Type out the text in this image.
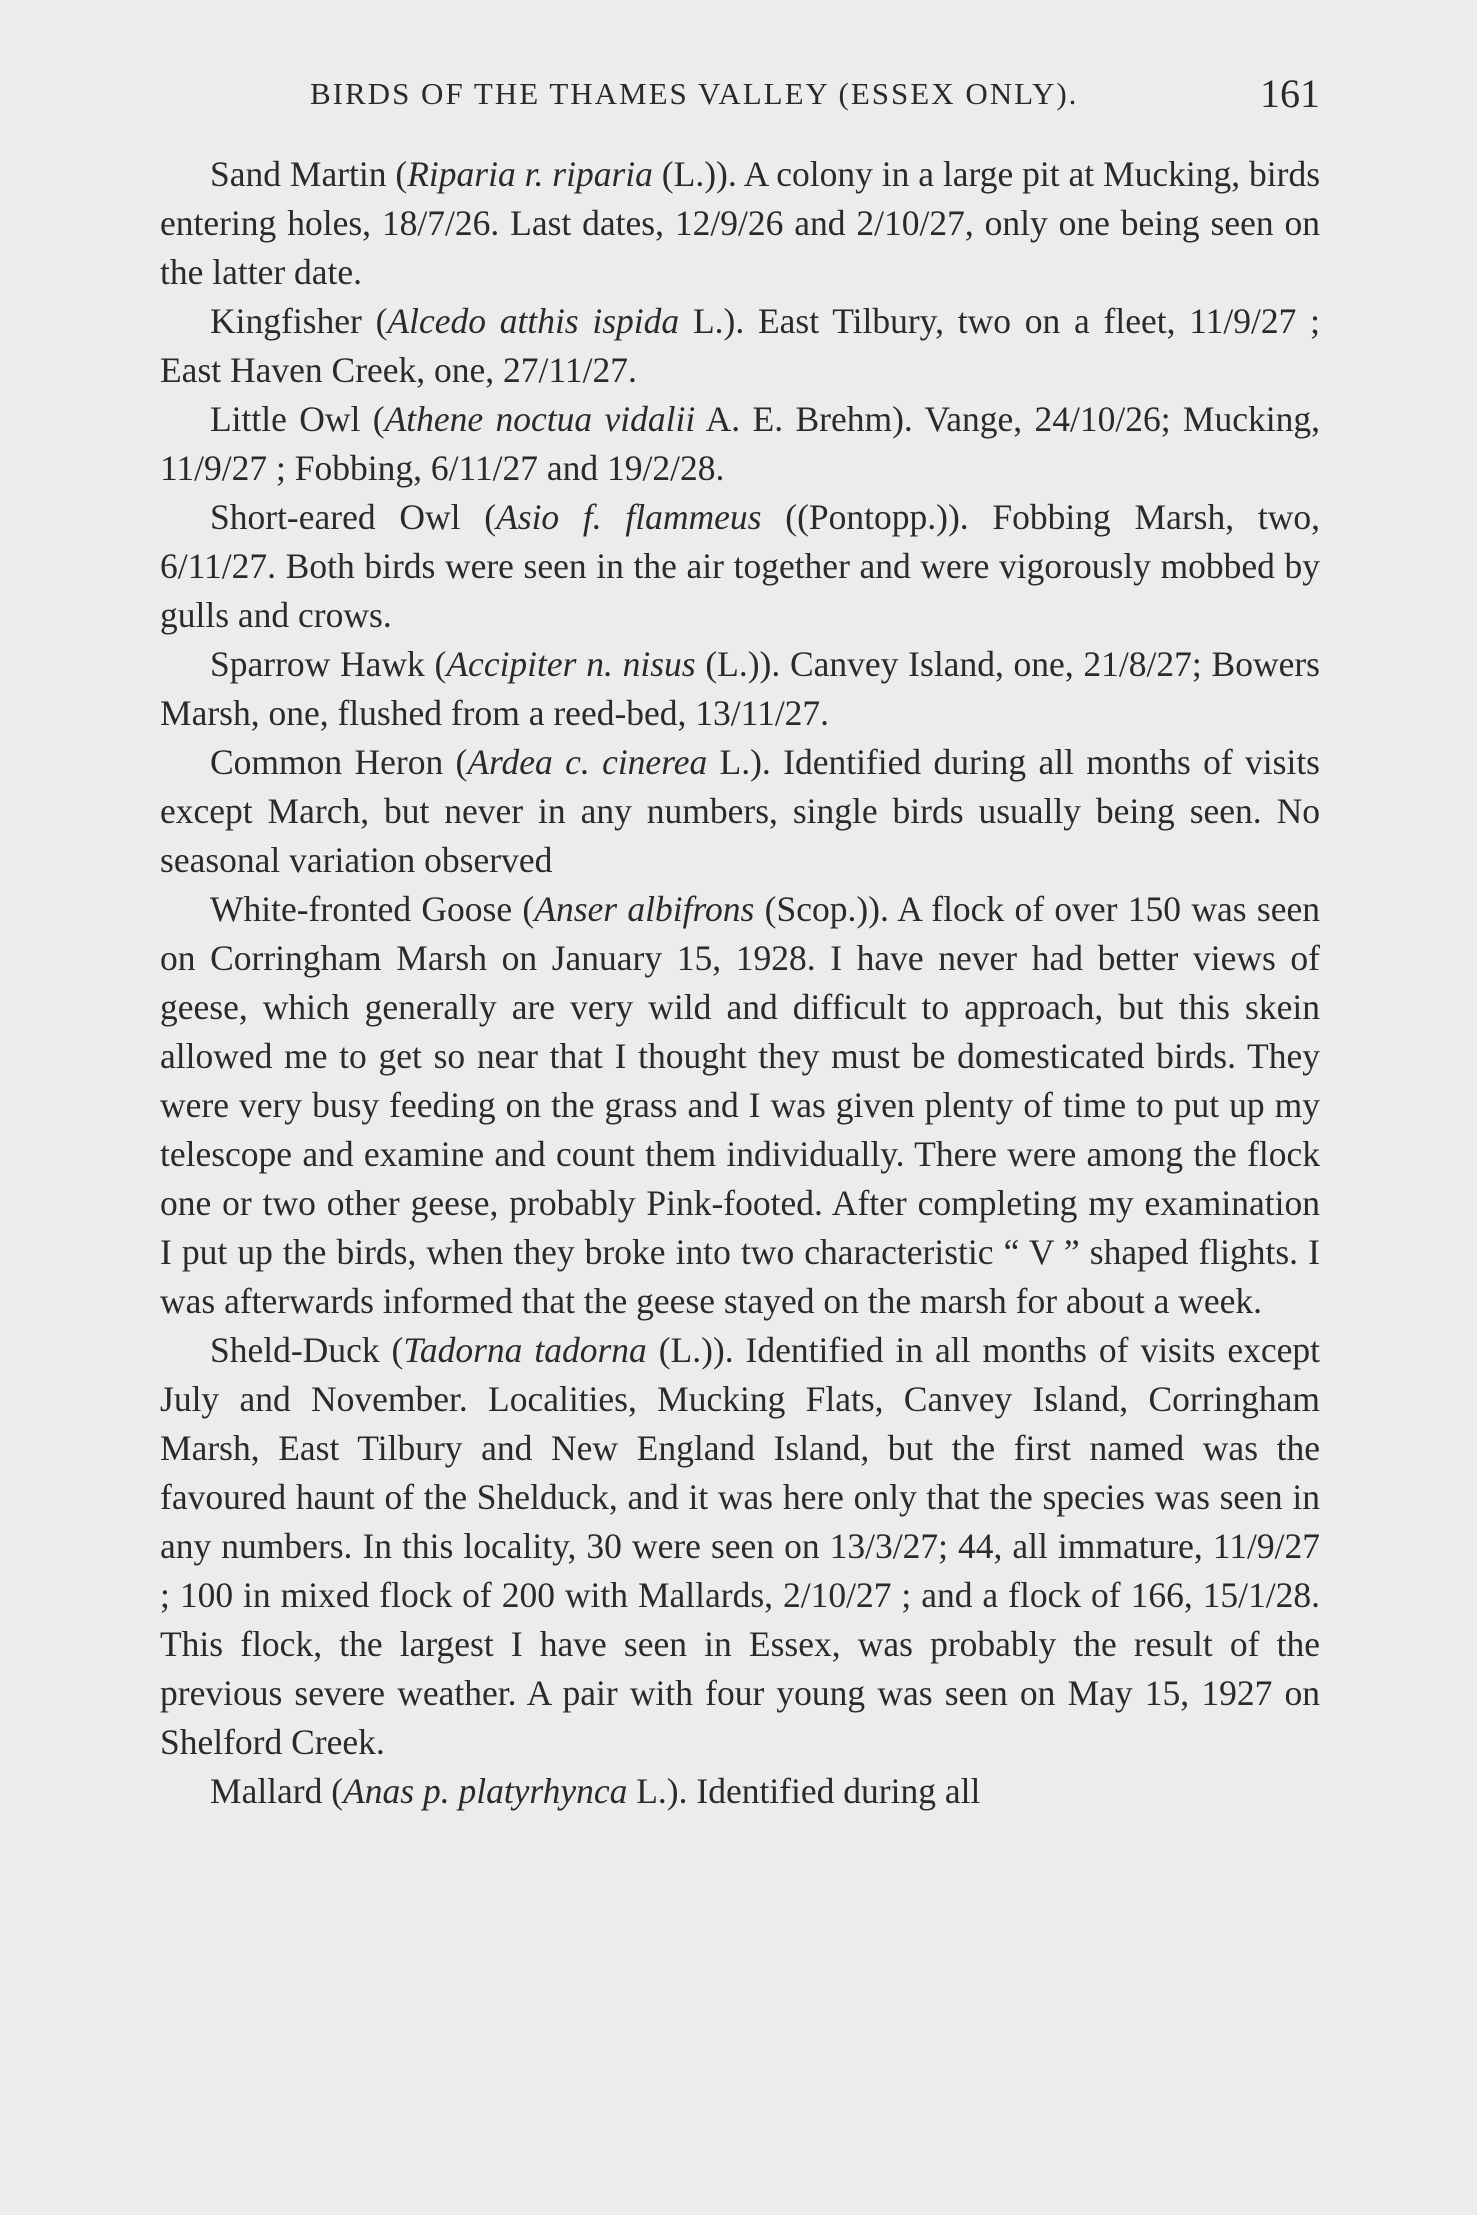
BIRDS OF THE THAMES VALLEY (ESSEX ONLY).	161

Sand Martin (Riparia r. riparia (L.)). A colony in a large pit at Mucking, birds entering holes, 18/7/26. Last dates, 12/9/26 and 2/10/27, only one being seen on the latter date.

Kingfisher (Alcedo atthis ispida L.). East Tilbury, two on a fleet, 11/9/27 ; East Haven Creek, one, 27/11/27.

Little Owl (Athene noctua vidalii A. E. Brehm). Vange, 24/10/26; Mucking, 11/9/27 ; Fobbing, 6/11/27 and 19/2/28.

Short-eared Owl (Asio f. flammeus ((Pontopp.)). Fobbing Marsh, two, 6/11/27. Both birds were seen in the air together and were vigorously mobbed by gulls and crows.

Sparrow Hawk (Accipiter n. nisus (L.)). Canvey Island, one, 21/8/27; Bowers Marsh, one, flushed from a reed-bed, 13/11/27.

Common Heron (Ardea c. cinerea L.). Identified during all months of visits except March, but never in any numbers, single birds usually being seen. No seasonal variation observed

White-fronted Goose (Anser albifrons (Scop.)). A flock of over 150 was seen on Corringham Marsh on January 15, 1928. I have never had better views of geese, which generally are very wild and difficult to approach, but this skein allowed me to get so near that I thought they must be domesticated birds. They were very busy feeding on the grass and I was given plenty of time to put up my telescope and examine and count them individually. There were among the flock one or two other geese, probably Pink-footed. After completing my examination I put up the birds, when they broke into two characteristic “ V ” shaped flights. I was afterwards informed that the geese stayed on the marsh for about a week.

Sheld-Duck (Tadorna tadorna (L.)). Identified in all months of visits except July and November. Localities, Mucking Flats, Canvey Island, Corringham Marsh, East Tilbury and New England Island, but the first named was the favoured haunt of the Shelduck, and it was here only that the species was seen in any numbers. In this locality, 30 were seen on 13/3/27; 44, all immature, 11/9/27 ; 100 in mixed flock of 200 with Mallards, 2/10/27 ; and a flock of 166, 15/1/28. This flock, the largest I have seen in Essex, was probably the result of the previous severe weather. A pair with four young was seen on May 15, 1927 on Shelford Creek.

Mallard (Anas p. platyrhynca L.). Identified during all
